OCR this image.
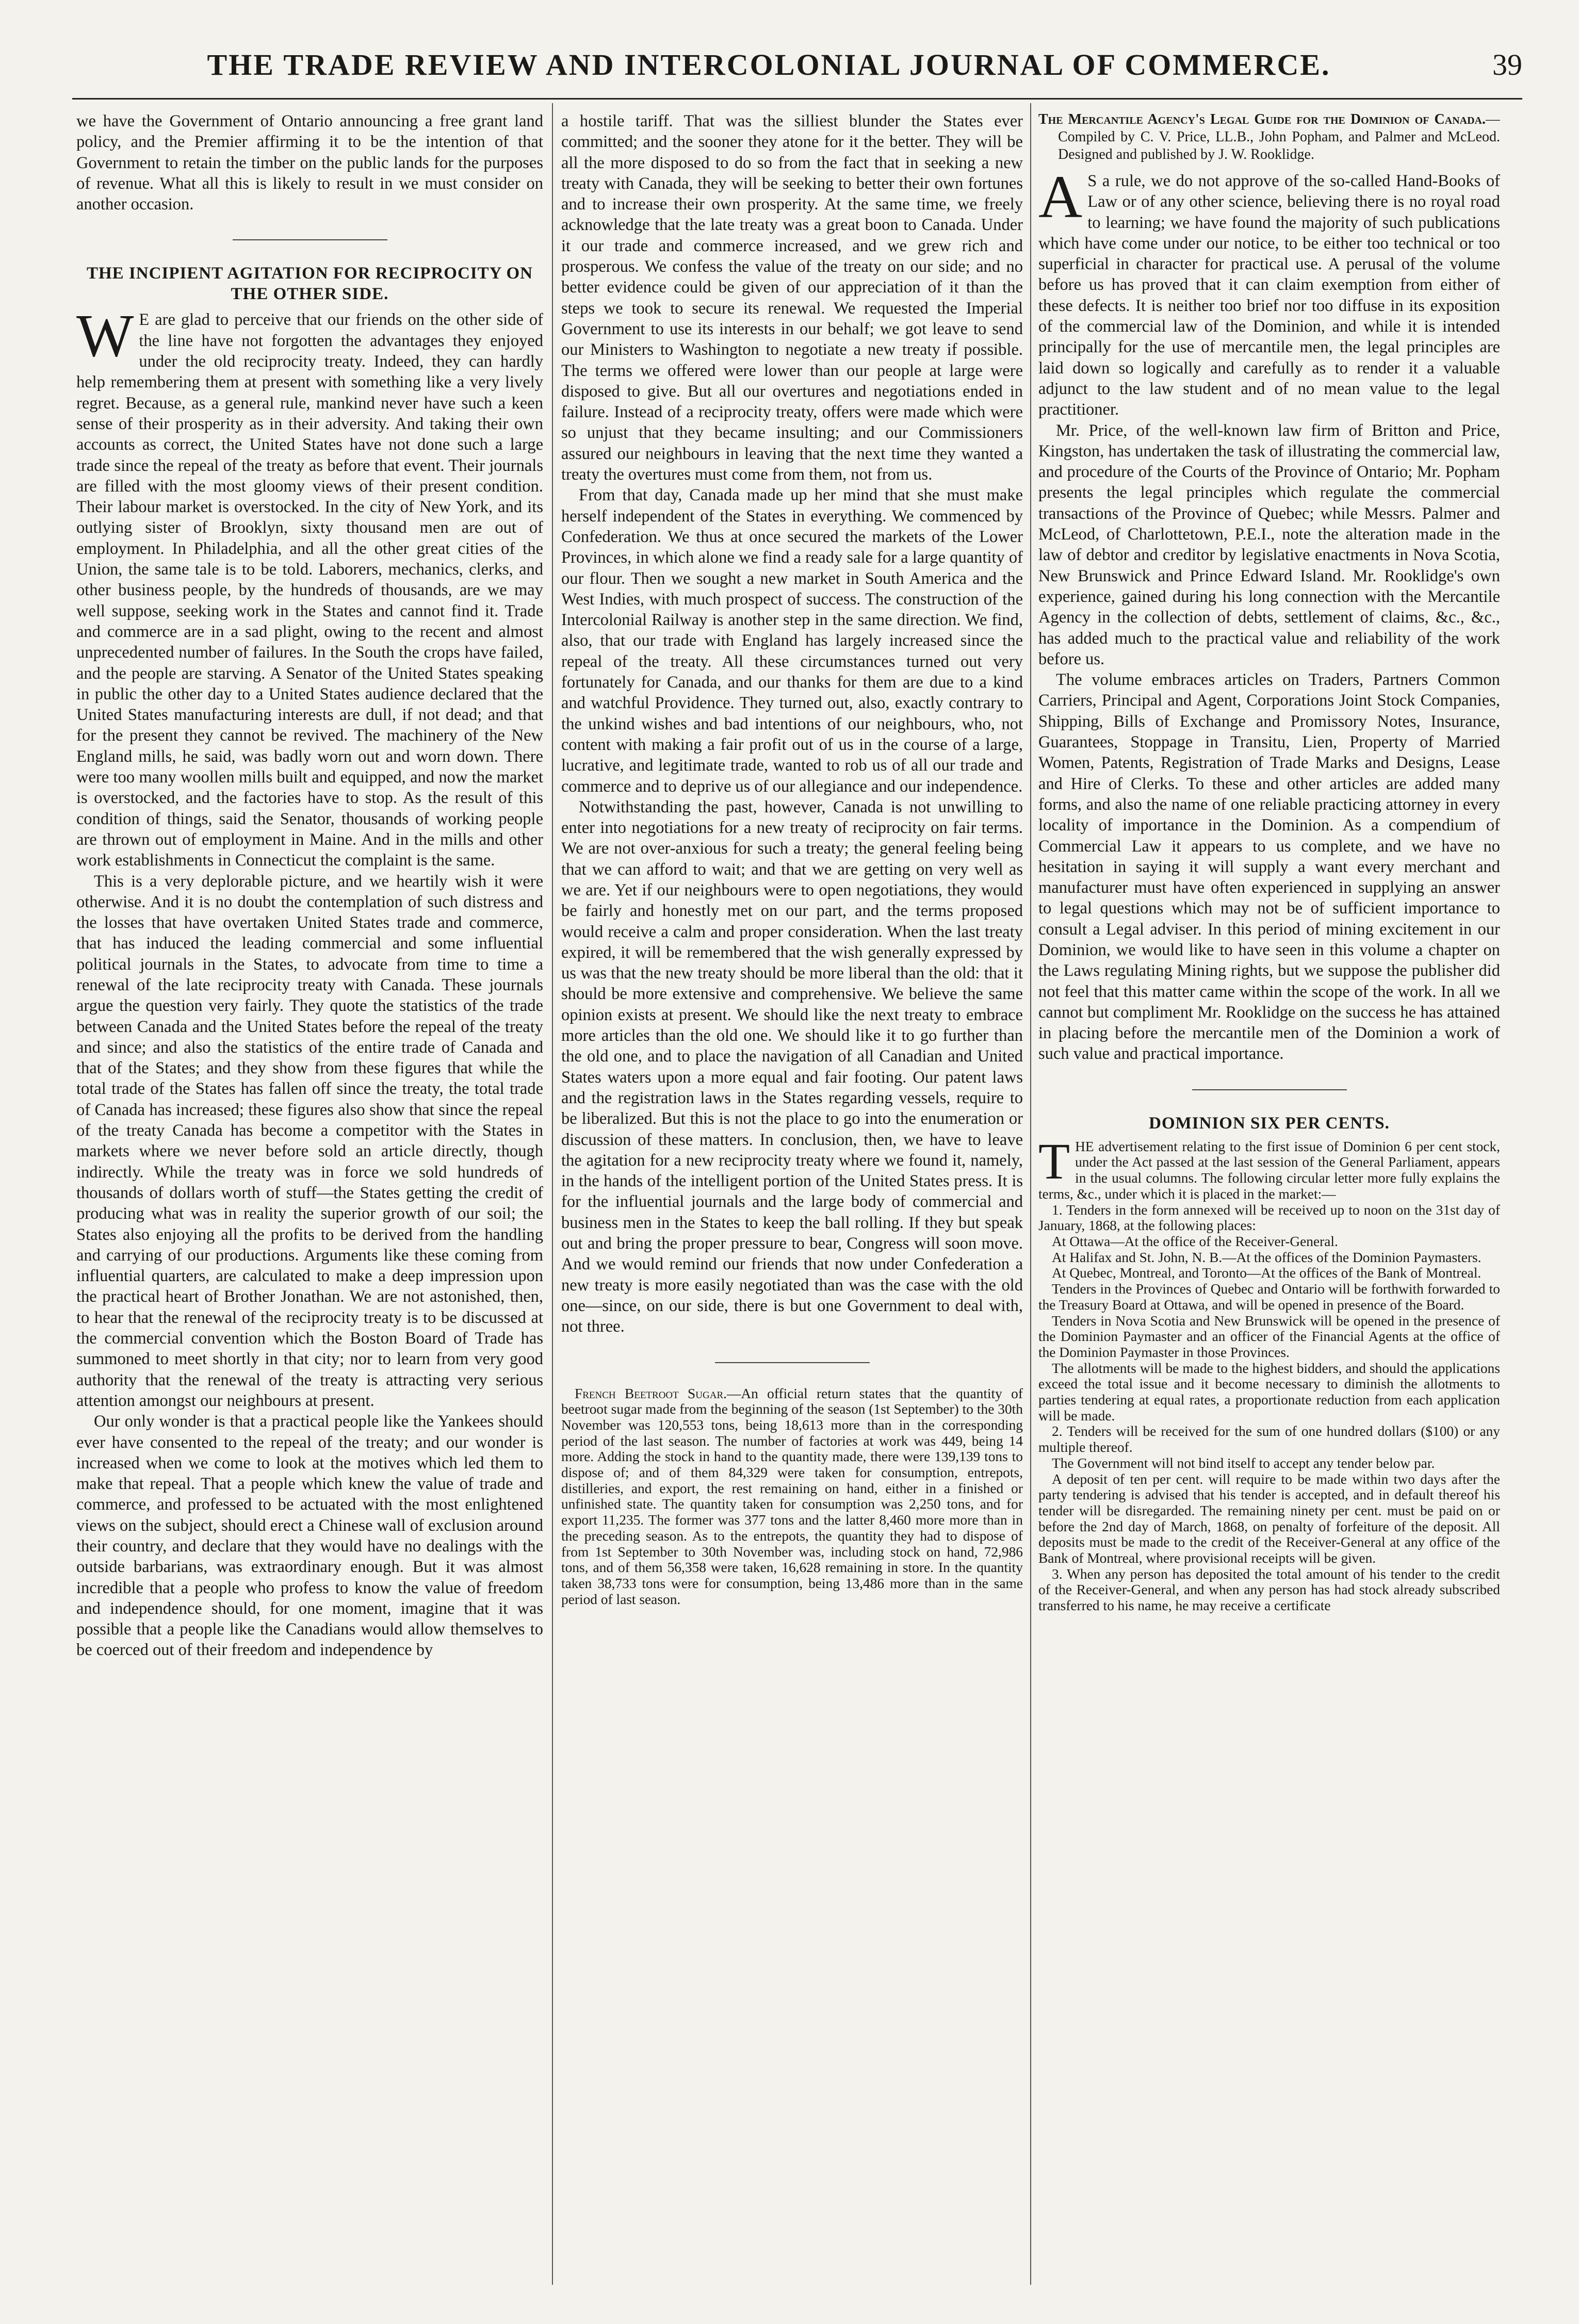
THE TRADE REVIEW AND INTERCOLONIAL JOURNAL OF COMMERCE.	39

we have the Government of Ontario announcing a free grant land policy, and the Premier affirming it to be the intention of that Government to retain the timber on the public lands for the purposes of revenue. What all this is likely to result in we must consider on another occasion.

THE INCIPIENT AGITATION FOR RECIPROCITY ON THE OTHER SIDE.

W E are glad to perceive that our friends on the other side of the line have not forgotten the advantages they enjoyed under the old reciprocity treaty. Indeed, they can hardly help remembering them at present with something like a very lively regret. Because, as a general rule, mankind never have such a keen sense of their prosperity as in their adversity. And taking their own accounts as correct, the United States have not done such a large trade since the repeal of the treaty as before that event. Their journals are filled with the most gloomy views of their present condition. Their labour market is overstocked. In the city of New York, and its outlying sister of Brooklyn, sixty thousand men are out of employment. In Philadelphia, and all the other great cities of the Union, the same tale is to be told. Laborers, mechanics, clerks, and other business people, by the hundreds of thousands, are we may well suppose, seeking work in the States and cannot find it. Trade and commerce are in a sad plight, owing to the recent and almost unprecedented number of failures. In the South the crops have failed, and the people are starving. A Senator of the United States speaking in public the other day to a United States audience declared that the United States manufacturing interests are dull, if not dead; and that for the present they cannot be revived. The machinery of the New England mills, he said, was badly worn out and worn down. There were too many woollen mills built and equipped, and now the market is overstocked, and the factories have to stop. As the result of this condition of things, said the Senator, thousands of working people are thrown out of employment in Maine. And in the mills and other work establishments in Connecticut the complaint is the same.

This is a very deplorable picture, and we heartily wish it were otherwise. And it is no doubt the contemplation of such distress and the losses that have overtaken United States trade and commerce, that has induced the leading commercial and some influential political journals in the States, to advocate from time to time a renewal of the late reciprocity treaty with Canada. These journals argue the question very fairly. They quote the statistics of the trade between Canada and the United States before the repeal of the treaty and since; and also the statistics of the entire trade of Canada and that of the States; and they show from these figures that while the total trade of the States has fallen off since the treaty, the total trade of Canada has increased; these figures also show that since the repeal of the treaty Canada has become a competitor with the States in markets where we never before sold an article directly, though indirectly. While the treaty was in force we sold hundreds of thousands of dollars worth of stuff—the States getting the credit of producing what was in reality the superior growth of our soil; the States also enjoying all the profits to be derived from the handling and carrying of our productions. Arguments like these coming from influential quarters, are calculated to make a deep impression upon the practical heart of Brother Jonathan. We are not astonished, then, to hear that the renewal of the reciprocity treaty is to be discussed at the commercial convention which the Boston Board of Trade has summoned to meet shortly in that city; nor to learn from very good authority that the renewal of the treaty is attracting very serious attention amongst our neighbours at present.

Our only wonder is that a practical people like the Yankees should ever have consented to the repeal of the treaty; and our wonder is increased when we come to look at the motives which led them to make that repeal. That a people which knew the value of trade and commerce, and professed to be actuated with the most enlightened views on the subject, should erect a Chinese wall of exclusion around their country, and declare that they would have no dealings with the outside barbarians, was extraordinary enough. But it was almost incredible that a people who profess to know the value of freedom and independence should, for one moment, imagine that it was possible that a people like the Canadians would allow themselves to be coerced out of their freedom and independence by

a hostile tariff. That was the silliest blunder the States ever committed; and the sooner they atone for it the better. They will be all the more disposed to do so from the fact that in seeking a new treaty with Canada, they will be seeking to better their own fortunes and to increase their own prosperity. At the same time, we freely acknowledge that the late treaty was a great boon to Canada. Under it our trade and commerce increased, and we grew rich and prosperous. We confess the value of the treaty on our side; and no better evidence could be given of our appreciation of it than the steps we took to secure its renewal. We requested the Imperial Government to use its interests in our behalf; we got leave to send our Ministers to Washington to negotiate a new treaty if possible. The terms we offered were lower than our people at large were disposed to give. But all our overtures and negotiations ended in failure. Instead of a reciprocity treaty, offers were made which were so unjust that they became insulting; and our Commissioners assured our neighbours in leaving that the next time they wanted a treaty the overtures must come from them, not from us.

From that day, Canada made up her mind that she must make herself independent of the States in everything. We commenced by Confederation. We thus at once secured the markets of the Lower Provinces, in which alone we find a ready sale for a large quantity of our flour. Then we sought a new market in South America and the West Indies, with much prospect of success. The construction of the Intercolonial Railway is another step in the same direction. We find, also, that our trade with England has largely increased since the repeal of the treaty. All these circumstances turned out very fortunately for Canada, and our thanks for them are due to a kind and watchful Providence. They turned out, also, exactly contrary to the unkind wishes and bad intentions of our neighbours, who, not content with making a fair profit out of us in the course of a large, lucrative, and legitimate trade, wanted to rob us of all our trade and commerce and to deprive us of our allegiance and our independence.

Notwithstanding the past, however, Canada is not unwilling to enter into negotiations for a new treaty of reciprocity on fair terms. We are not over-anxious for such a treaty; the general feeling being that we can afford to wait; and that we are getting on very well as we are. Yet if our neighbours were to open negotiations, they would be fairly and honestly met on our part, and the terms proposed would receive a calm and proper consideration. When the last treaty expired, it will be remembered that the wish generally expressed by us was that the new treaty should be more liberal than the old: that it should be more extensive and comprehensive. We believe the same opinion exists at present. We should like the next treaty to embrace more articles than the old one. We should like it to go further than the old one, and to place the navigation of all Canadian and United States waters upon a more equal and fair footing. Our patent laws and the registration laws in the States regarding vessels, require to be liberalized. But this is not the place to go into the enumeration or discussion of these matters. In conclusion, then, we have to leave the agitation for a new reciprocity treaty where we found it, namely, in the hands of the intelligent portion of the United States press. It is for the influential journals and the large body of commercial and business men in the States to keep the ball rolling. If they but speak out and bring the proper pressure to bear, Congress will soon move. And we would remind our friends that now under Confederation a new treaty is more easily negotiated than was the case with the old one—since, on our side, there is but one Government to deal with, not three.

French Beetroot Sugar.—An official return states that the quantity of beetroot sugar made from the beginning of the season (1st September) to the 30th November was 120,553 tons, being 18,613 more than in the corresponding period of the last season. The number of factories at work was 449, being 14 more. Adding the stock in hand to the quantity made, there were 139,139 tons to dispose of; and of them 84,329 were taken for consumption, entrepots, distilleries, and export, the rest remaining on hand, either in a finished or unfinished state. The quantity taken for consumption was 2,250 tons, and for export 11,235. The former was 377 tons and the latter 8,460 more more than in the preceding season. As to the entrepots, the quantity they had to dispose of from 1st September to 30th November was, including stock on hand, 72,986 tons, and of them 56,358 were taken, 16,628 remaining in store. In the quantity taken 38,733 tons were for consumption, being 13,486 more than in the same period of last season.

The Mercantile Agency's Legal Guide for the Dominion of Canada.—Compiled by C. V. Price, LL.B., John Popham, and Palmer and McLeod. Designed and published by J. W. Rooklidge.

A S a rule, we do not approve of the so-called Hand-Books of Law or of any other science, believing there is no royal road to learning; we have found the majority of such publications which have come under our notice, to be either too technical or too superficial in character for practical use. A perusal of the volume before us has proved that it can claim exemption from either of these defects. It is neither too brief nor too diffuse in its exposition of the commercial law of the Dominion, and while it is intended principally for the use of mercantile men, the legal principles are laid down so logically and carefully as to render it a valuable adjunct to the law student and of no mean value to the legal practitioner.

Mr. Price, of the well-known law firm of Britton and Price, Kingston, has undertaken the task of illustrating the commercial law, and procedure of the Courts of the Province of Ontario; Mr. Popham presents the legal principles which regulate the commercial transactions of the Province of Quebec; while Messrs. Palmer and McLeod, of Charlottetown, P.E.I., note the alteration made in the law of debtor and creditor by legislative enactments in Nova Scotia, New Brunswick and Prince Edward Island. Mr. Rooklidge's own experience, gained during his long connection with the Mercantile Agency in the collection of debts, settlement of claims, &c., &c., has added much to the practical value and reliability of the work before us.

The volume embraces articles on Traders, Partners Common Carriers, Principal and Agent, Corporations Joint Stock Companies, Shipping, Bills of Exchange and Promissory Notes, Insurance, Guarantees, Stoppage in Transitu, Lien, Property of Married Women, Patents, Registration of Trade Marks and Designs, Lease and Hire of Clerks. To these and other articles are added many forms, and also the name of one reliable practicing attorney in every locality of importance in the Dominion. As a compendium of Commercial Law it appears to us complete, and we have no hesitation in saying it will supply a want every merchant and manufacturer must have often experienced in supplying an answer to legal questions which may not be of sufficient importance to consult a Legal adviser. In this period of mining excitement in our Dominion, we would like to have seen in this volume a chapter on the Laws regulating Mining rights, but we suppose the publisher did not feel that this matter came within the scope of the work. In all we cannot but compliment Mr. Rooklidge on the success he has attained in placing before the mercantile men of the Dominion a work of such value and practical importance.

DOMINION SIX PER CENTS.

THE advertisement relating to the first issue of Dominion 6 per cent stock, under the Act passed at the last session of the General Parliament, appears in the usual columns. The following circular letter more fully explains the terms, &c., under which it is placed in the market:—

1. Tenders in the form annexed will be received up to noon on the 31st day of January, 1868, at the following places:

At Ottawa—At the office of the Receiver-General.

At Halifax and St. John, N. B.—At the offices of the Dominion Paymasters.

At Quebec, Montreal, and Toronto—At the offices of the Bank of Montreal.

Tenders in the Provinces of Quebec and Ontario will be forthwith forwarded to the Treasury Board at Ottawa, and will be opened in presence of the Board.

Tenders in Nova Scotia and New Brunswick will be opened in the presence of the Dominion Paymaster and an officer of the Financial Agents at the office of the Dominion Paymaster in those Provinces.

The allotments will be made to the highest bidders, and should the applications exceed the total issue and it become necessary to diminish the allotments to parties tendering at equal rates, a proportionate reduction from each application will be made.

2. Tenders will be received for the sum of one hundred dollars ($100) or any multiple thereof.

The Government will not bind itself to accept any tender below par.

A deposit of ten per cent. will require to be made within two days after the party tendering is advised that his tender is accepted, and in default thereof his tender will be disregarded. The remaining ninety per cent. must be paid on or before the 2nd day of March, 1868, on penalty of forfeiture of the deposit. All deposits must be made to the credit of the Receiver-General at any office of the Bank of Montreal, where provisional receipts will be given.

3. When any person has deposited the total amount of his tender to the credit of the Receiver-General, and when any person has had stock already subscribed transferred to his name, he may receive a certificate
